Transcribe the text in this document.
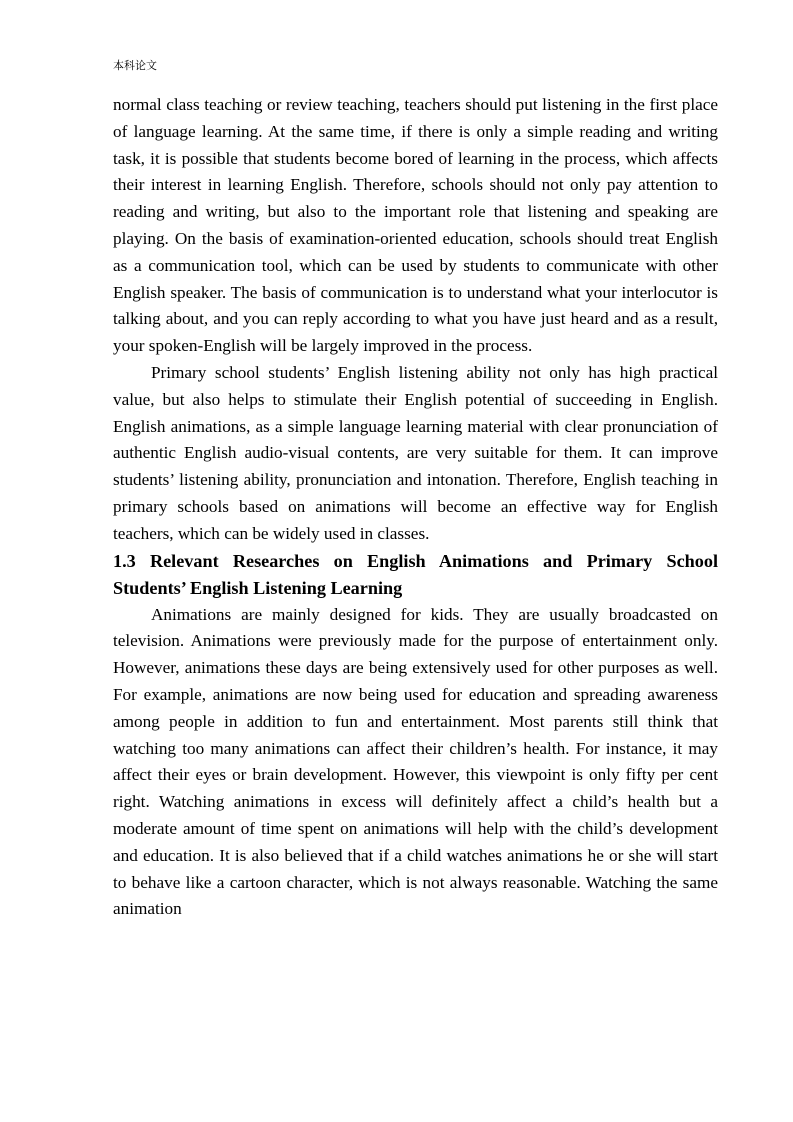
本科论文

normal class teaching or review teaching, teachers should put listening in the first place of language learning. At the same time, if there is only a simple reading and writing task, it is possible that students become bored of learning in the process, which affects their interest in learning English. Therefore, schools should not only pay attention to reading and writing, but also to the important role that listening and speaking are playing. On the basis of examination-oriented education, schools should treat English as a communication tool, which can be used by students to communicate with other English speaker. The basis of communication is to understand what your interlocutor is talking about, and you can reply according to what you have just heard and as a result, your spoken-English will be largely improved in the process.

Primary school students’ English listening ability not only has high practical value, but also helps to stimulate their English potential of succeeding in English. English animations, as a simple language learning material with clear pronunciation of authentic English audio-visual contents, are very suitable for them. It can improve students’ listening ability, pronunciation and intonation. Therefore, English teaching in primary schools based on animations will become an effective way for English teachers, which can be widely used in classes.

1.3 Relevant Researches on English Animations and Primary School Students’ English Listening Learning

Animations are mainly designed for kids. They are usually broadcasted on television. Animations were previously made for the purpose of entertainment only. However, animations these days are being extensively used for other purposes as well. For example, animations are now being used for education and spreading awareness among people in addition to fun and entertainment. Most parents still think that watching too many animations can affect their children’s health. For instance, it may affect their eyes or brain development. However, this viewpoint is only fifty per cent right. Watching animations in excess will definitely affect a child’s health but a moderate amount of time spent on animations will help with the child’s development and education. It is also believed that if a child watches animations he or she will start to behave like a cartoon character, which is not always reasonable. Watching the same animation
